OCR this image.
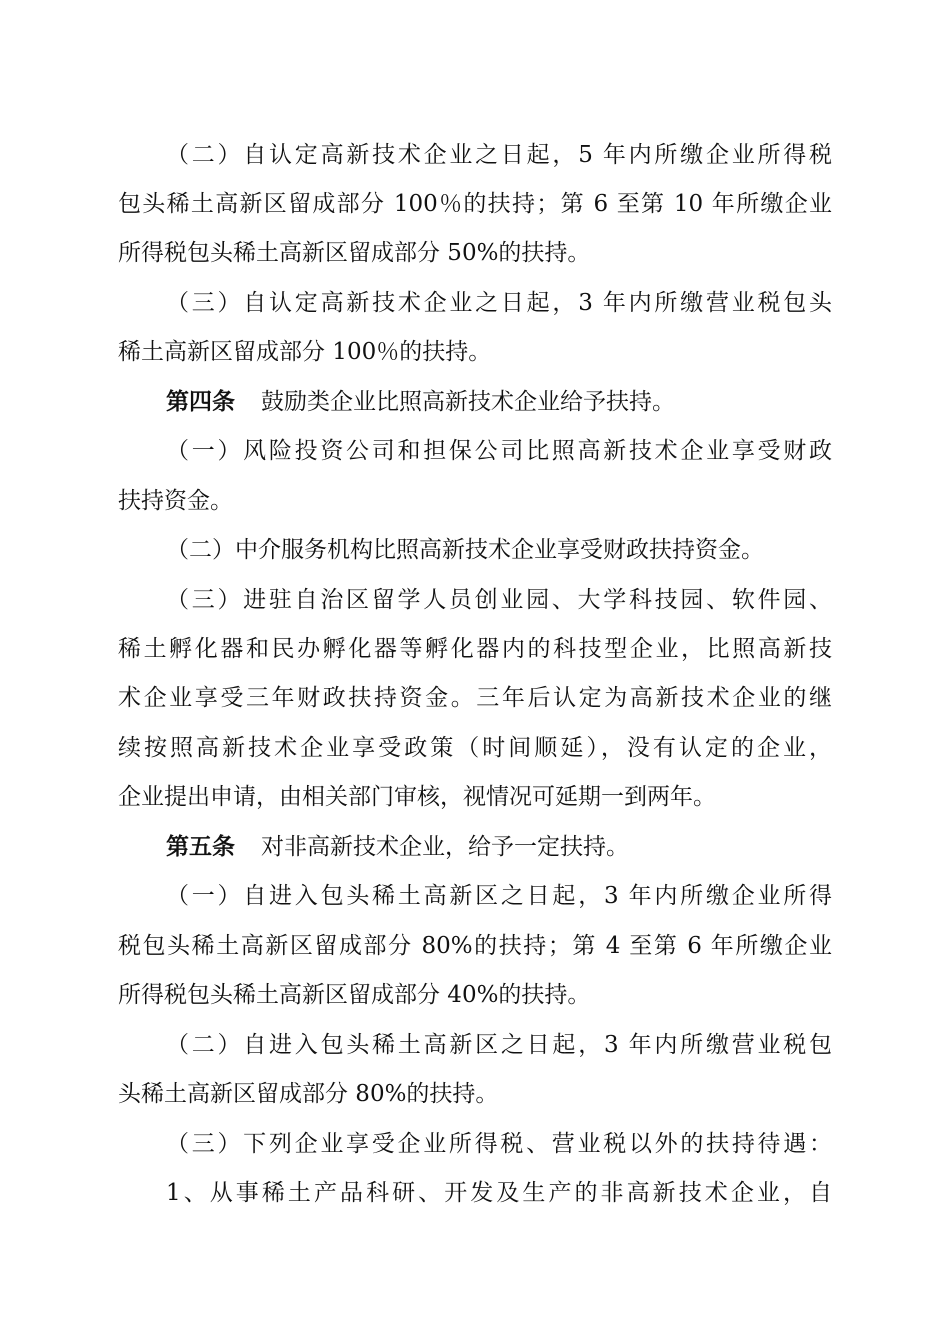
（二）自认定高新技术企业之日起，5 年内所缴企业所得税
包头稀土高新区留成部分 100％的扶持；第 6 至第 10 年所缴企业
所得税包头稀土高新区留成部分 50%的扶持。
（三）自认定高新技术企业之日起，3 年内所缴营业税包头
稀土高新区留成部分 100％的扶持。
第四条 鼓励类企业比照高新技术企业给予扶持。
（一）风险投资公司和担保公司比照高新技术企业享受财政
扶持资金。
（二）中介服务机构比照高新技术企业享受财政扶持资金。
（三）进驻自治区留学人员创业园、大学科技园、软件园、
稀土孵化器和民办孵化器等孵化器内的科技型企业，比照高新技
术企业享受三年财政扶持资金。三年后认定为高新技术企业的继
续按照高新技术企业享受政策（时间顺延），没有认定的企业，
企业提出申请，由相关部门审核，视情况可延期一到两年。
第五条 对非高新技术企业，给予一定扶持。
（一）自进入包头稀土高新区之日起，3 年内所缴企业所得
税包头稀土高新区留成部分 80%的扶持；第 4 至第 6 年所缴企业
所得税包头稀土高新区留成部分 40%的扶持。
（二）自进入包头稀土高新区之日起，3 年内所缴营业税包
头稀土高新区留成部分 80%的扶持。
（三）下列企业享受企业所得税、营业税以外的扶持待遇：
1、从事稀土产品科研、开发及生产的非高新技术企业，自
